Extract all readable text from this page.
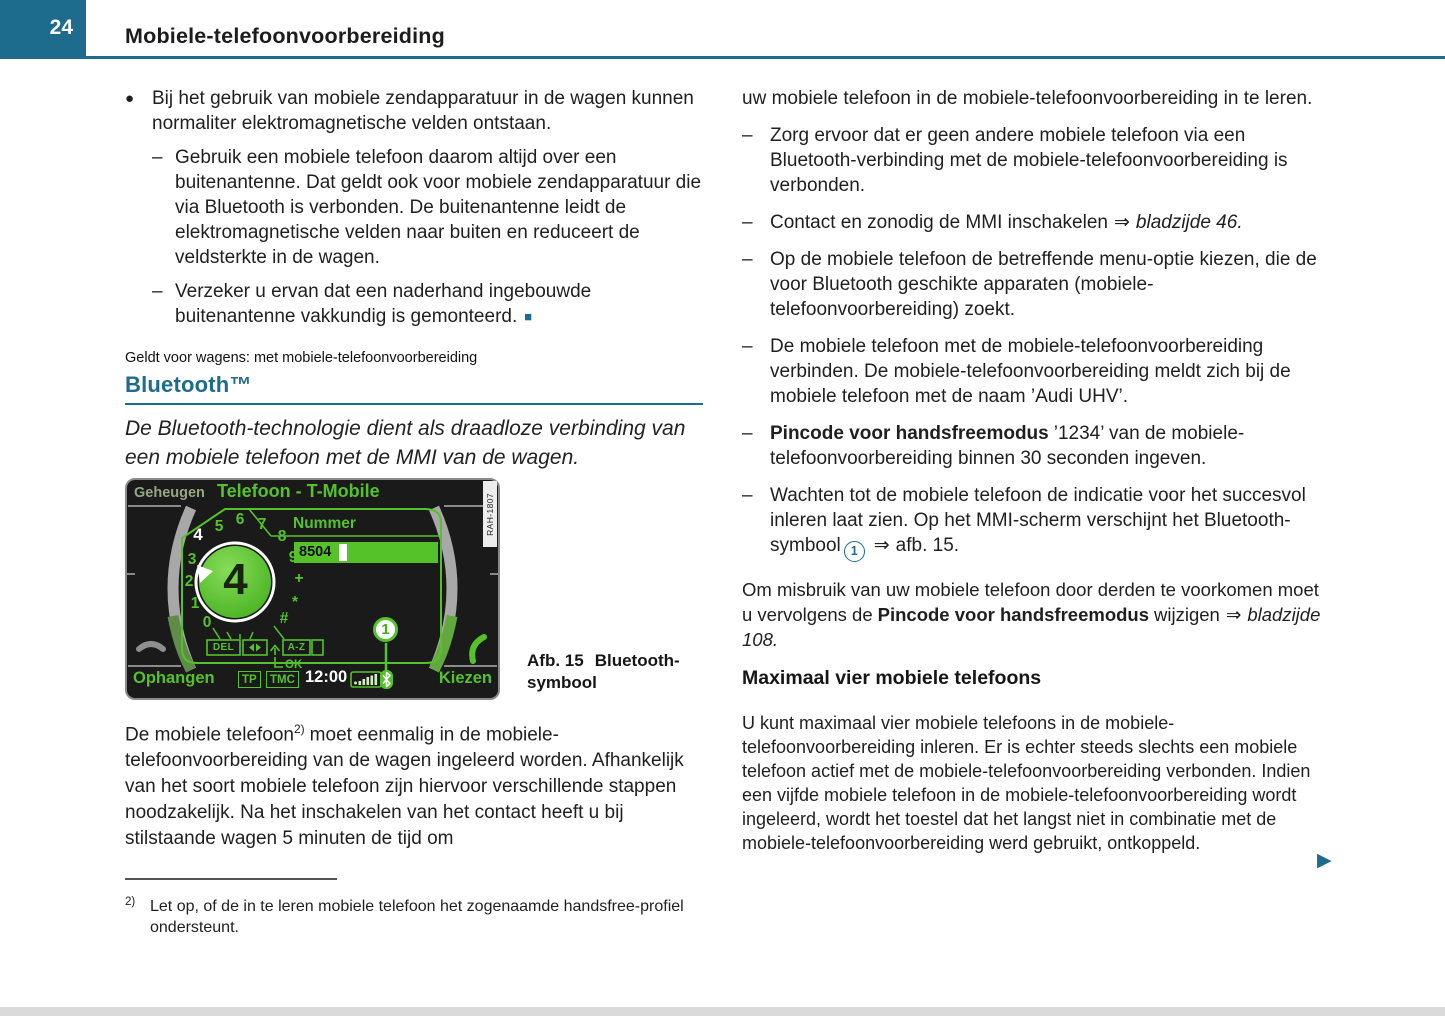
24 Mobiele-telefoonvoorbereiding

● Bij het gebruik van mobiele zendapparatuur in de wagen kunnen normaliter elektromagnetische velden ontstaan.

– Gebruik een mobiele telefoon daarom altijd over een buitenantenne. Dat geldt ook voor mobiele zendapparatuur die via Bluetooth is verbonden. De buitenantenne leidt de elektromagnetische velden naar buiten en reduceert de veldsterkte in de wagen.

– Verzeker u ervan dat een naderhand ingebouwde buitenantenne vakkundig is gemonteerd. ■

Geldt voor wagens: met mobiele-telefoonvoorbereiding

Bluetooth™

De Bluetooth-technologie dient als draadloze verbinding van een mobiele telefoon met de MMI van de wagen.

Geheugen Telefoon - T-Mobile
RAH-1807
Nummer
8504
0
1
2
3
4 5 6 7
8
9
+
*
#
4
DEL	A-Z
OK
Ophangen	TP	TMC 12:00	Kiezen
1
Afb. 15 Bluetooth-symbool

De mobiele telefoon$^{2)}$ moet eenmalig in de mobiele-telefoonvoorbereiding van de wagen ingeleerd worden. Afhankelijk van het soort mobiele telefoon zijn hiervoor verschillende stappen noodzakelijk. Na het inschakelen van het contact heeft u bij stilstaande wagen 5 minuten de tijd om

2) Let op, of de in te leren mobiele telefoon het zogenaamde handsfree-profiel ondersteunt.

uw mobiele telefoon in de mobiele-telefoonvoorbereiding in te leren.

– Zorg ervoor dat er geen andere mobiele telefoon via een Bluetooth-verbinding met de mobiele-telefoonvoorbereiding is verbonden.

– Contact en zonodig de MMI inschakelen ⇒ bladzijde 46.

– Op de mobiele telefoon de betreffende menu-optie kiezen, die de voor Bluetooth geschikte apparaten (mobiele-telefoonvoorbereiding) zoekt.

– De mobiele telefoon met de mobiele-telefoonvoorbereiding verbinden. De mobiele-telefoonvoorbereiding meldt zich bij de mobiele telefoon met de naam ’Audi UHV’.

– Pincode voor handsfreemodus ’1234’ van de mobiele-telefoonvoorbereiding binnen 30 seconden ingeven.

– Wachten tot de mobiele telefoon de indicatie voor het succesvol inleren laat zien. Op het MMI-scherm verschijnt het Bluetooth-symbool 1 ⇒ afb. 15.

Om misbruik van uw mobiele telefoon door derden te voorkomen moet u vervolgens de Pincode voor handsfreemodus wijzigen ⇒ bladzijde 108.

Maximaal vier mobiele telefoons

U kunt maximaal vier mobiele telefoons in de mobiele-telefoonvoorbereiding inleren. Er is echter steeds slechts een mobiele telefoon actief met de mobiele-telefoonvoorbereiding verbonden. Indien een vijfde mobiele telefoon in de mobiele-telefoonvoorbereiding wordt ingeleerd, wordt het toestel dat het langst niet in combinatie met de mobiele-telefoonvoorbereiding werd gebruikt, ontkoppeld.

▶
